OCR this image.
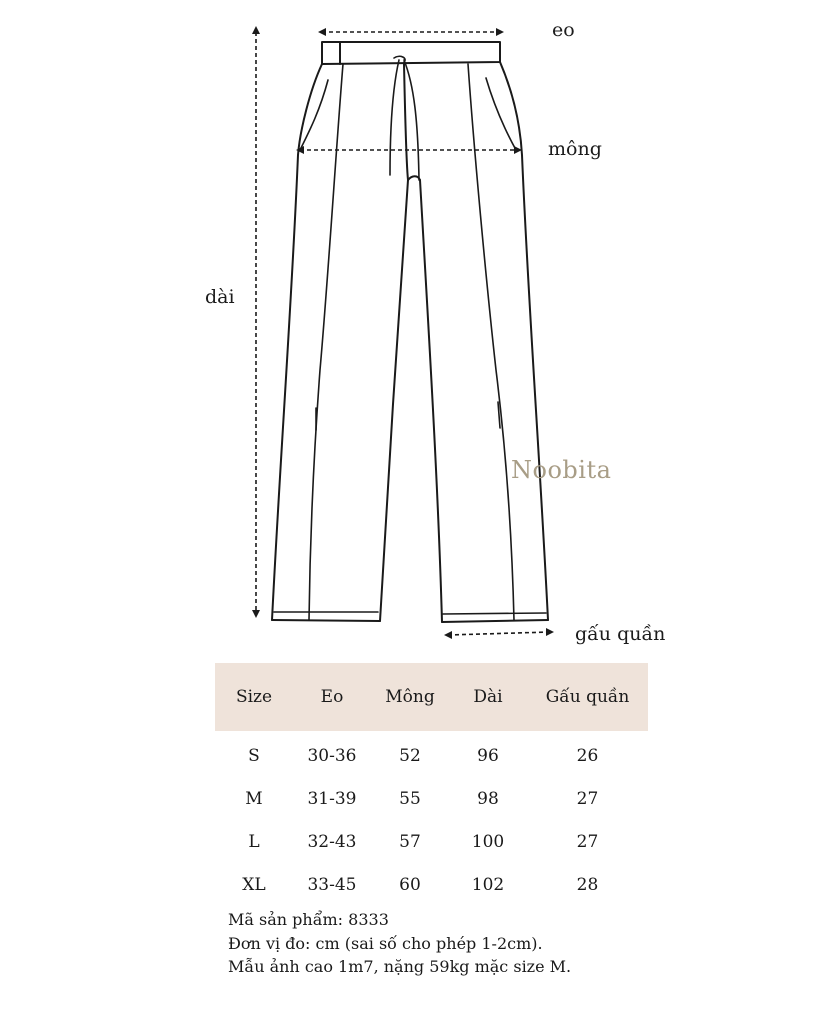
eo
mông
dài
gấu quần
Noobita
Size	Eo	Mông	Dài	Gấu quần
S	30-36	52	96	26
M	31-39	55	98	27
L	32-43	57	100	27
XL	33-45	60	102	28
Mã sản phẩm: 8333
Đơn vị đo: cm (sai số cho phép 1-2cm).
Mẫu ảnh cao 1m7, nặng 59kg mặc size M.
